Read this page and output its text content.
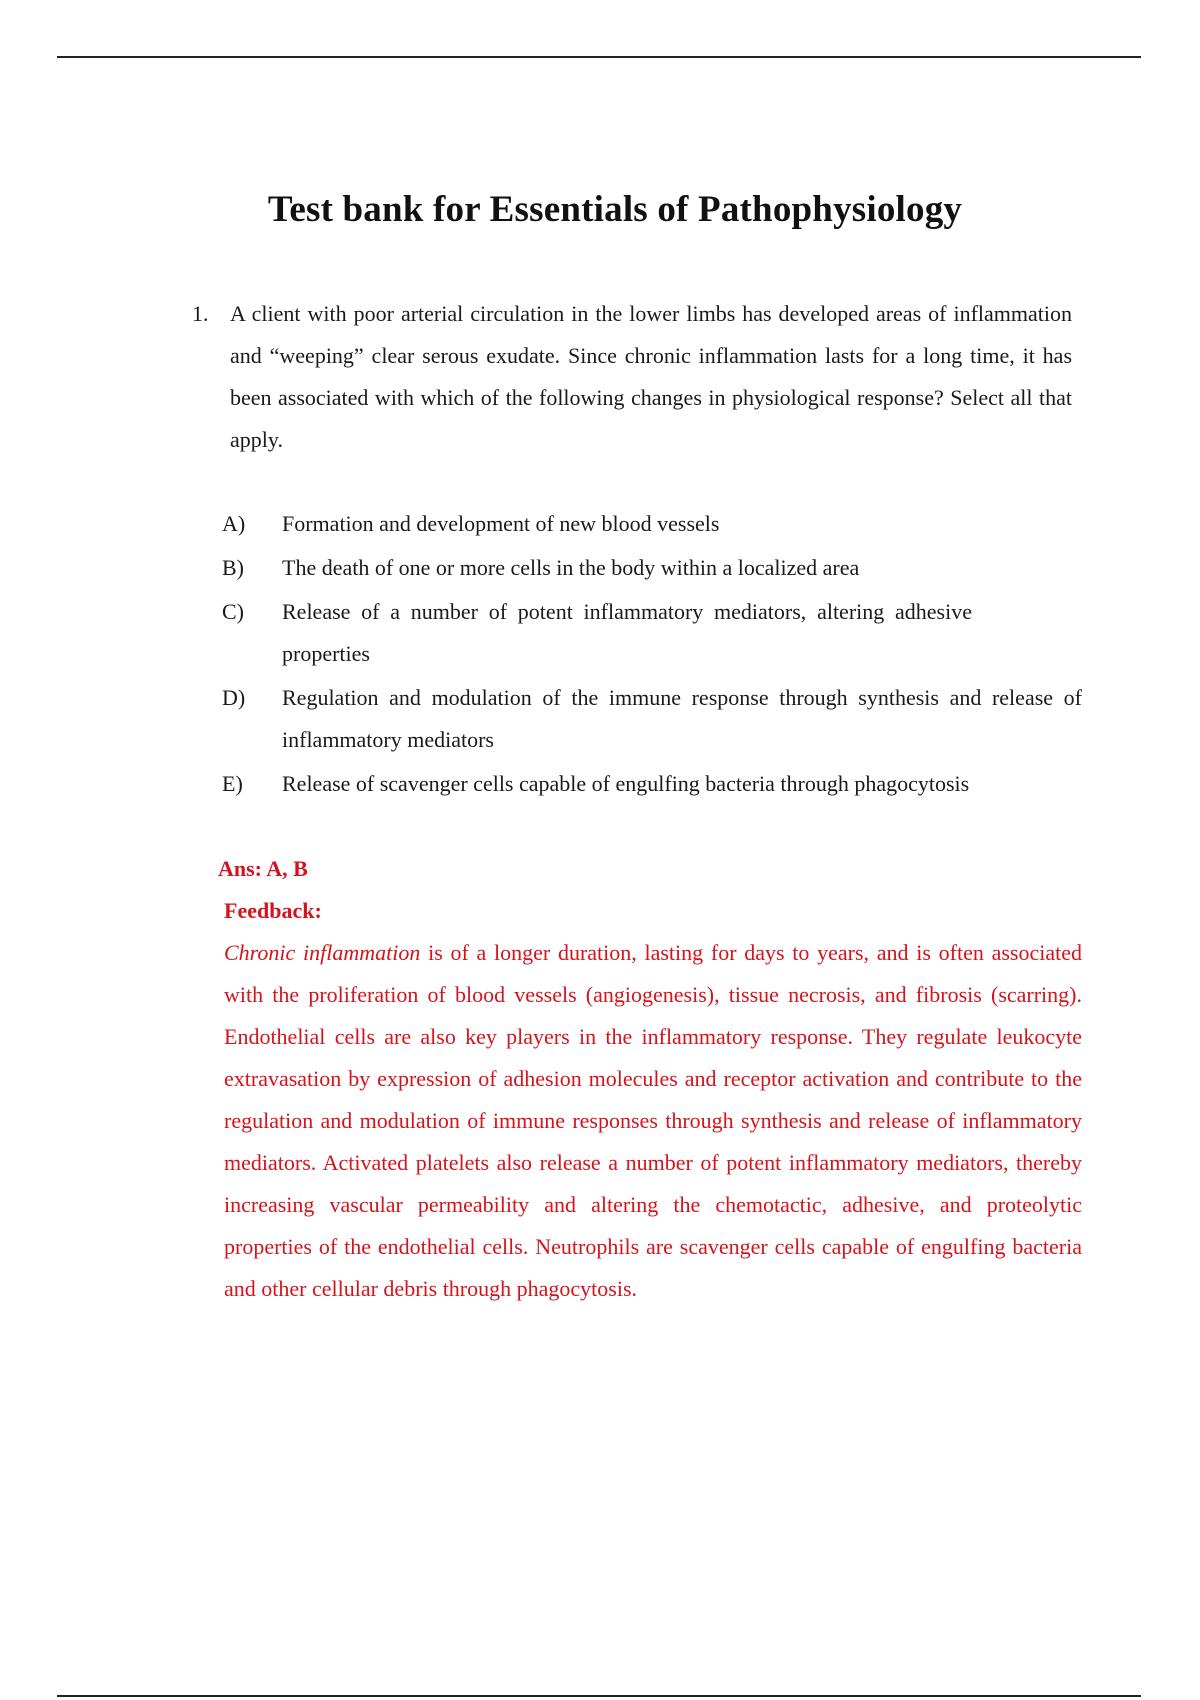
Test bank for Essentials of Pathophysiology
1. A client with poor arterial circulation in the lower limbs has developed areas of inflammation and “weeping” clear serous exudate. Since chronic inflammation lasts for a long time, it has been associated with which of the following changes in physiological response? Select all that apply.

A) Formation and development of new blood vessels
B) The death of one or more cells in the body within a localized area
C) Release of a number of potent inflammatory mediators, altering adhesive properties
D) Regulation and modulation of the immune response through synthesis and release of inflammatory mediators
E) Release of scavenger cells capable of engulfing bacteria through phagocytosis

Ans: A, B

Feedback:

Chronic inflammation is of a longer duration, lasting for days to years, and is often associated with the proliferation of blood vessels (angiogenesis), tissue necrosis, and fibrosis (scarring). Endothelial cells are also key players in the inflammatory response. They regulate leukocyte extravasation by expression of adhesion molecules and receptor activation and contribute to the regulation and modulation of immune responses through synthesis and release of inflammatory mediators. Activated platelets also release a number of potent inflammatory mediators, thereby increasing vascular permeability and altering the chemotactic, adhesive, and proteolytic properties of the endothelial cells. Neutrophils are scavenger cells capable of engulfing bacteria and other cellular debris through phagocytosis.
